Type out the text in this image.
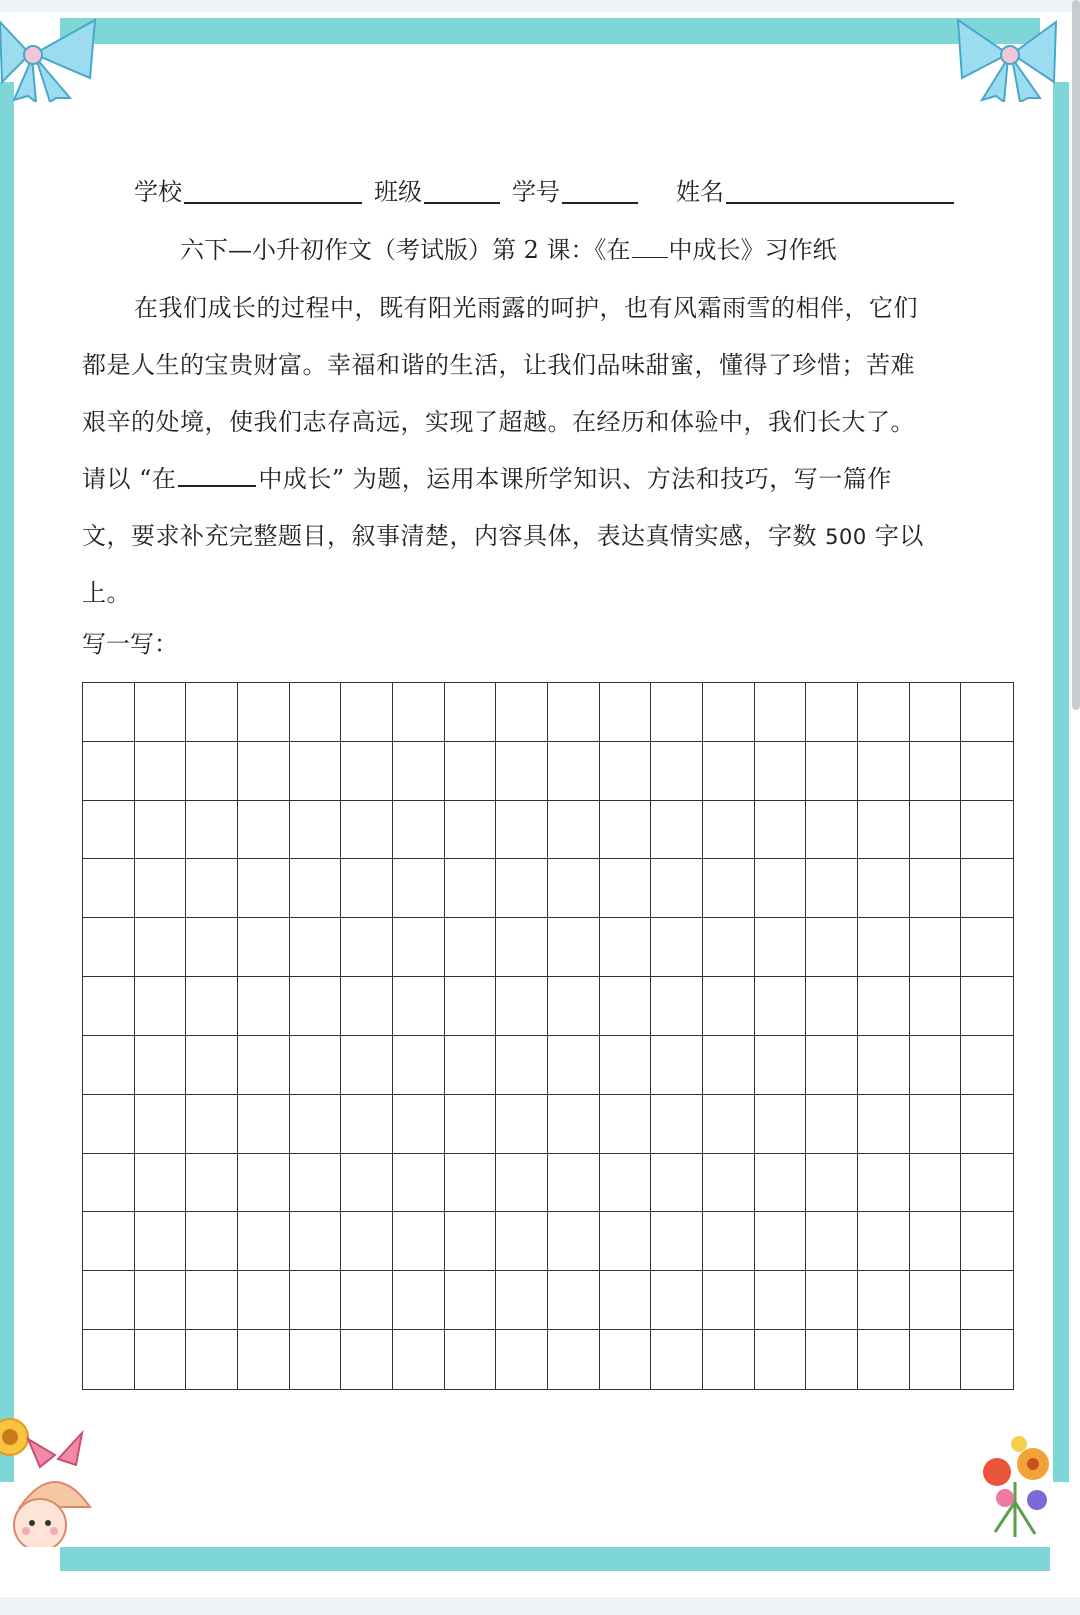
学校	班级	学号	姓名
六下—小升初作文（考试版）第 2 课：《在 中成长》习作纸
在我们成长的过程中，既有阳光雨露的呵护，也有风霜雨雪的相伴，它们
都是人生的宝贵财富。幸福和谐的生活，让我们品味甜蜜，懂得了珍惜；苦难
艰辛的处境，使我们志存高远，实现了超越。在经历和体验中，我们长大了。
请以 “在	中成长” 为题，运用本课所学知识、方法和技巧，写一篇作
文，要求补充完整题目，叙事清楚，内容具体，表达真情实感，字数 500 字以
上。
写一写：
